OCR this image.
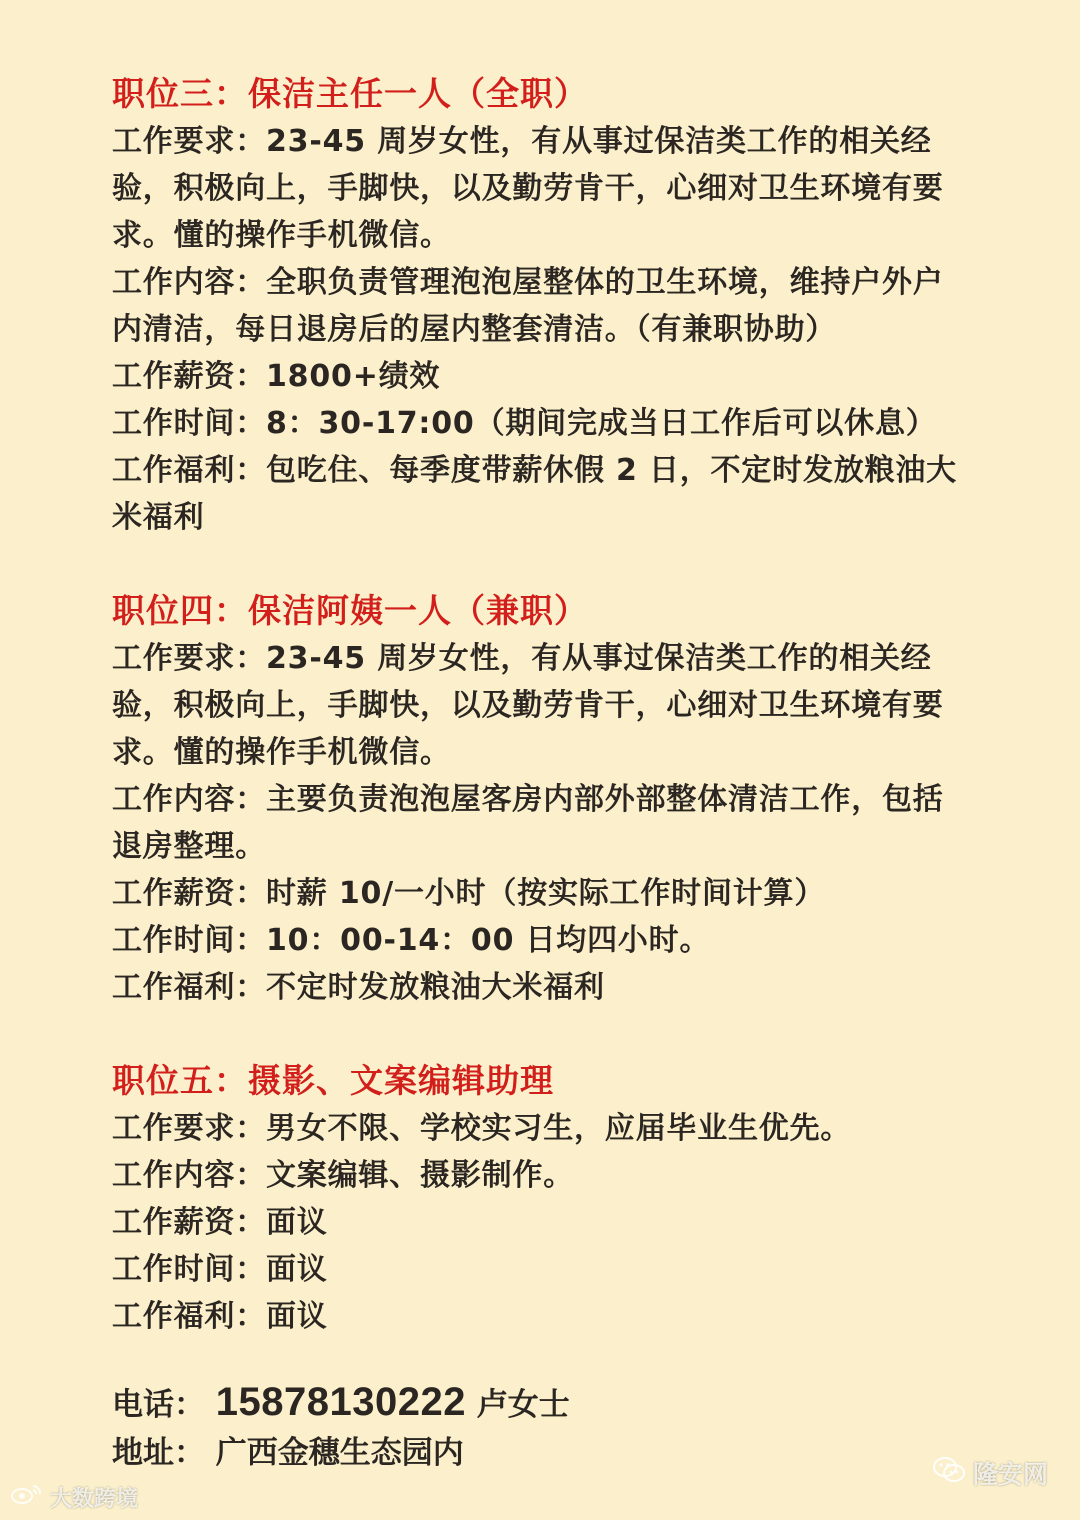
职位三：保洁主任一人（全职）
工作要求：23-45 周岁女性，有从事过保洁类工作的相关经验，积极向上，手脚快，以及勤劳肯干，心细对卫生环境有要求。懂的操作手机微信。
工作内容：全职负责管理泡泡屋整体的卫生环境，维持户外户内清洁，每日退房后的屋内整套清洁。（有兼职协助）
工作薪资：1800+绩效
工作时间：8：30-17:00（期间完成当日工作后可以休息）
工作福利：包吃住、每季度带薪休假 2 日，不定时发放粮油大米福利
职位四：保洁阿姨一人（兼职）
工作要求：23-45 周岁女性，有从事过保洁类工作的相关经验，积极向上，手脚快，以及勤劳肯干，心细对卫生环境有要求。懂的操作手机微信。
工作内容：主要负责泡泡屋客房内部外部整体清洁工作，包括退房整理。
工作薪资：时薪 10/一小时（按实际工作时间计算）
工作时间：10：00-14：00 日均四小时。
工作福利：不定时发放粮油大米福利
职位五：摄影、文案编辑助理
工作要求：男女不限、学校实习生，应届毕业生优先。
工作内容：文案编辑、摄影制作。
工作薪资：面议
工作时间：面议
工作福利：面议
电话： 15878130222 卢女士
地址： 广西金穗生态园内
大数跨境
隆安网
